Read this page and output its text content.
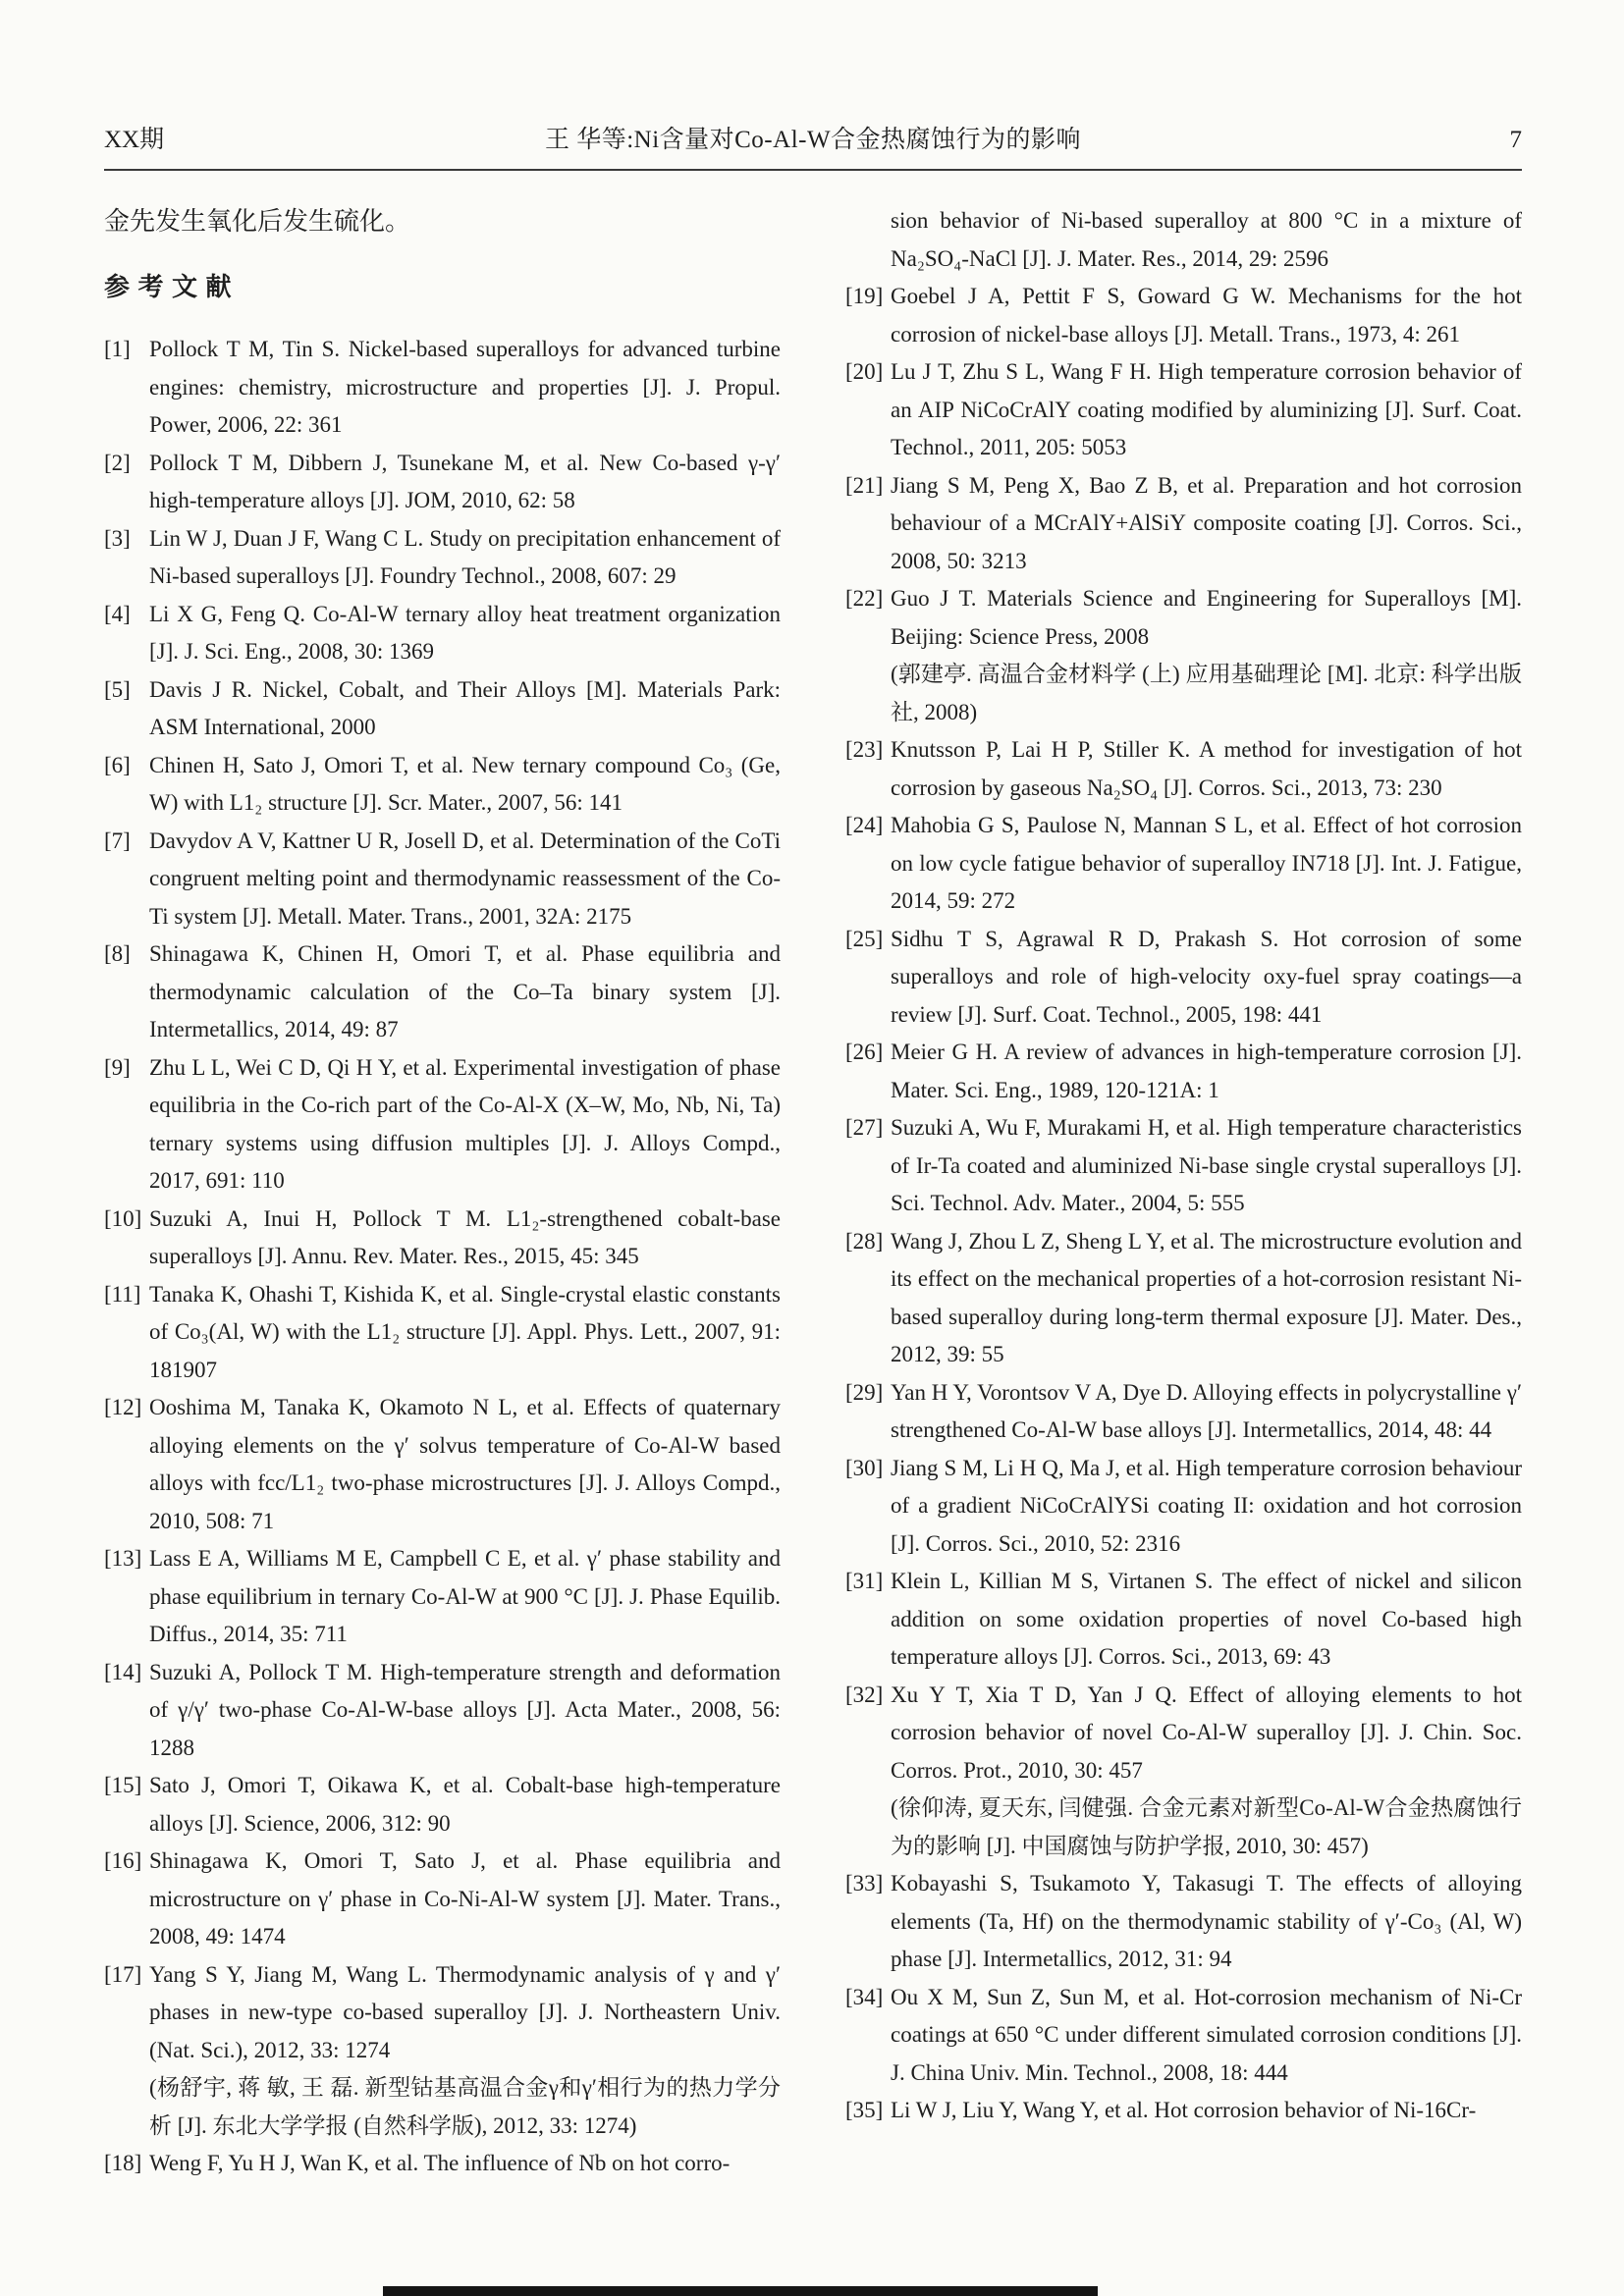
XX期	王 华等:Ni含量对Co-Al-W合金热腐蚀行为的影响	7

金先发生氧化后发生硫化。

参 考 文 献
[1] Pollock T M, Tin S. Nickel-based superalloys for advanced turbine engines: chemistry, microstructure and properties [J]. J. Propul. Power, 2006, 22: 361
[2] Pollock T M, Dibbern J, Tsunekane M, et al. New Co-based γ-γ′ high-temperature alloys [J]. JOM, 2010, 62: 58
[3] Lin W J, Duan J F, Wang C L. Study on precipitation enhancement of Ni-based superalloys [J]. Foundry Technol., 2008, 607: 29
[4] Li X G, Feng Q. Co-Al-W ternary alloy heat treatment organization [J]. J. Sci. Eng., 2008, 30: 1369
[5] Davis J R. Nickel, Cobalt, and Their Alloys [M]. Materials Park: ASM International, 2000
[6] Chinen H, Sato J, Omori T, et al. New ternary compound Co₃ (Ge, W) with L1₂ structure [J]. Scr. Mater., 2007, 56: 141
[7] Davydov A V, Kattner U R, Josell D, et al. Determination of the CoTi congruent melting point and thermodynamic reassessment of the Co-Ti system [J]. Metall. Mater. Trans., 2001, 32A: 2175
[8] Shinagawa K, Chinen H, Omori T, et al. Phase equilibria and thermodynamic calculation of the Co–Ta binary system [J]. Intermetallics, 2014, 49: 87
[9] Zhu L L, Wei C D, Qi H Y, et al. Experimental investigation of phase equilibria in the Co-rich part of the Co-Al-X (X–W, Mo, Nb, Ni, Ta) ternary systems using diffusion multiples [J]. J. Alloys Compd., 2017, 691: 110
[10] Suzuki A, Inui H, Pollock T M. L1₂-strengthened cobalt-base superalloys [J]. Annu. Rev. Mater. Res., 2015, 45: 345
[11] Tanaka K, Ohashi T, Kishida K, et al. Single-crystal elastic constants of Co₃(Al, W) with the L1₂ structure [J]. Appl. Phys. Lett., 2007, 91: 181907
[12] Ooshima M, Tanaka K, Okamoto N L, et al. Effects of quaternary alloying elements on the γ′ solvus temperature of Co-Al-W based alloys with fcc/L1₂ two-phase microstructures [J]. J. Alloys Compd., 2010, 508: 71
[13] Lass E A, Williams M E, Campbell C E, et al. γ′ phase stability and phase equilibrium in ternary Co-Al-W at 900 °C [J]. J. Phase Equilib. Diffus., 2014, 35: 711
[14] Suzuki A, Pollock T M. High-temperature strength and deformation of γ/γ′ two-phase Co-Al-W-base alloys [J]. Acta Mater., 2008, 56: 1288
[15] Sato J, Omori T, Oikawa K, et al. Cobalt-base high-temperature alloys [J]. Science, 2006, 312: 90
[16] Shinagawa K, Omori T, Sato J, et al. Phase equilibria and microstructure on γ′ phase in Co-Ni-Al-W system [J]. Mater. Trans., 2008, 49: 1474
[17] Yang S Y, Jiang M, Wang L. Thermodynamic analysis of γ and γ′ phases in new-type co-based superalloy [J]. J. Northeastern Univ. (Nat. Sci.), 2012, 33: 1274
(杨舒宇, 蒋 敏, 王 磊. 新型钴基高温合金γ和γ′相行为的热力学分析 [J]. 东北大学学报 (自然科学版), 2012, 33: 1274)
[18] Weng F, Yu H J, Wan K, et al. The influence of Nb on hot corro-
sion behavior of Ni-based superalloy at 800 °C in a mixture of Na₂SO₄-NaCl [J]. J. Mater. Res., 2014, 29: 2596
[19] Goebel J A, Pettit F S, Goward G W. Mechanisms for the hot corrosion of nickel-base alloys [J]. Metall. Trans., 1973, 4: 261
[20] Lu J T, Zhu S L, Wang F H. High temperature corrosion behavior of an AIP NiCoCrAlY coating modified by aluminizing [J]. Surf. Coat. Technol., 2011, 205: 5053
[21] Jiang S M, Peng X, Bao Z B, et al. Preparation and hot corrosion behaviour of a MCrAlY+AlSiY composite coating [J]. Corros. Sci., 2008, 50: 3213
[22] Guo J T. Materials Science and Engineering for Superalloys [M]. Beijing: Science Press, 2008
(郭建亭. 高温合金材料学 (上) 应用基础理论 [M]. 北京: 科学出版社, 2008)
[23] Knutsson P, Lai H P, Stiller K. A method for investigation of hot corrosion by gaseous Na₂SO₄ [J]. Corros. Sci., 2013, 73: 230
[24] Mahobia G S, Paulose N, Mannan S L, et al. Effect of hot corrosion on low cycle fatigue behavior of superalloy IN718 [J]. Int. J. Fatigue, 2014, 59: 272
[25] Sidhu T S, Agrawal R D, Prakash S. Hot corrosion of some superalloys and role of high-velocity oxy-fuel spray coatings—a review [J]. Surf. Coat. Technol., 2005, 198: 441
[26] Meier G H. A review of advances in high-temperature corrosion [J]. Mater. Sci. Eng., 1989, 120-121A: 1
[27] Suzuki A, Wu F, Murakami H, et al. High temperature characteristics of Ir-Ta coated and aluminized Ni-base single crystal superalloys [J]. Sci. Technol. Adv. Mater., 2004, 5: 555
[28] Wang J, Zhou L Z, Sheng L Y, et al. The microstructure evolution and its effect on the mechanical properties of a hot-corrosion resistant Ni-based superalloy during long-term thermal exposure [J]. Mater. Des., 2012, 39: 55
[29] Yan H Y, Vorontsov V A, Dye D. Alloying effects in polycrystalline γ′ strengthened Co-Al-W base alloys [J]. Intermetallics, 2014, 48: 44
[30] Jiang S M, Li H Q, Ma J, et al. High temperature corrosion behaviour of a gradient NiCoCrAlYSi coating II: oxidation and hot corrosion [J]. Corros. Sci., 2010, 52: 2316
[31] Klein L, Killian M S, Virtanen S. The effect of nickel and silicon addition on some oxidation properties of novel Co-based high temperature alloys [J]. Corros. Sci., 2013, 69: 43
[32] Xu Y T, Xia T D, Yan J Q. Effect of alloying elements to hot corrosion behavior of novel Co-Al-W superalloy [J]. J. Chin. Soc. Corros. Prot., 2010, 30: 457
(徐仰涛, 夏天东, 闫健强. 合金元素对新型Co-Al-W合金热腐蚀行为的影响 [J]. 中国腐蚀与防护学报, 2010, 30: 457)
[33] Kobayashi S, Tsukamoto Y, Takasugi T. The effects of alloying elements (Ta, Hf) on the thermodynamic stability of γ′-Co₃ (Al, W) phase [J]. Intermetallics, 2012, 31: 94
[34] Ou X M, Sun Z, Sun M, et al. Hot-corrosion mechanism of Ni-Cr coatings at 650 °C under different simulated corrosion conditions [J]. J. China Univ. Min. Technol., 2008, 18: 444
[35] Li W J, Liu Y, Wang Y, et al. Hot corrosion behavior of Ni-16Cr-
